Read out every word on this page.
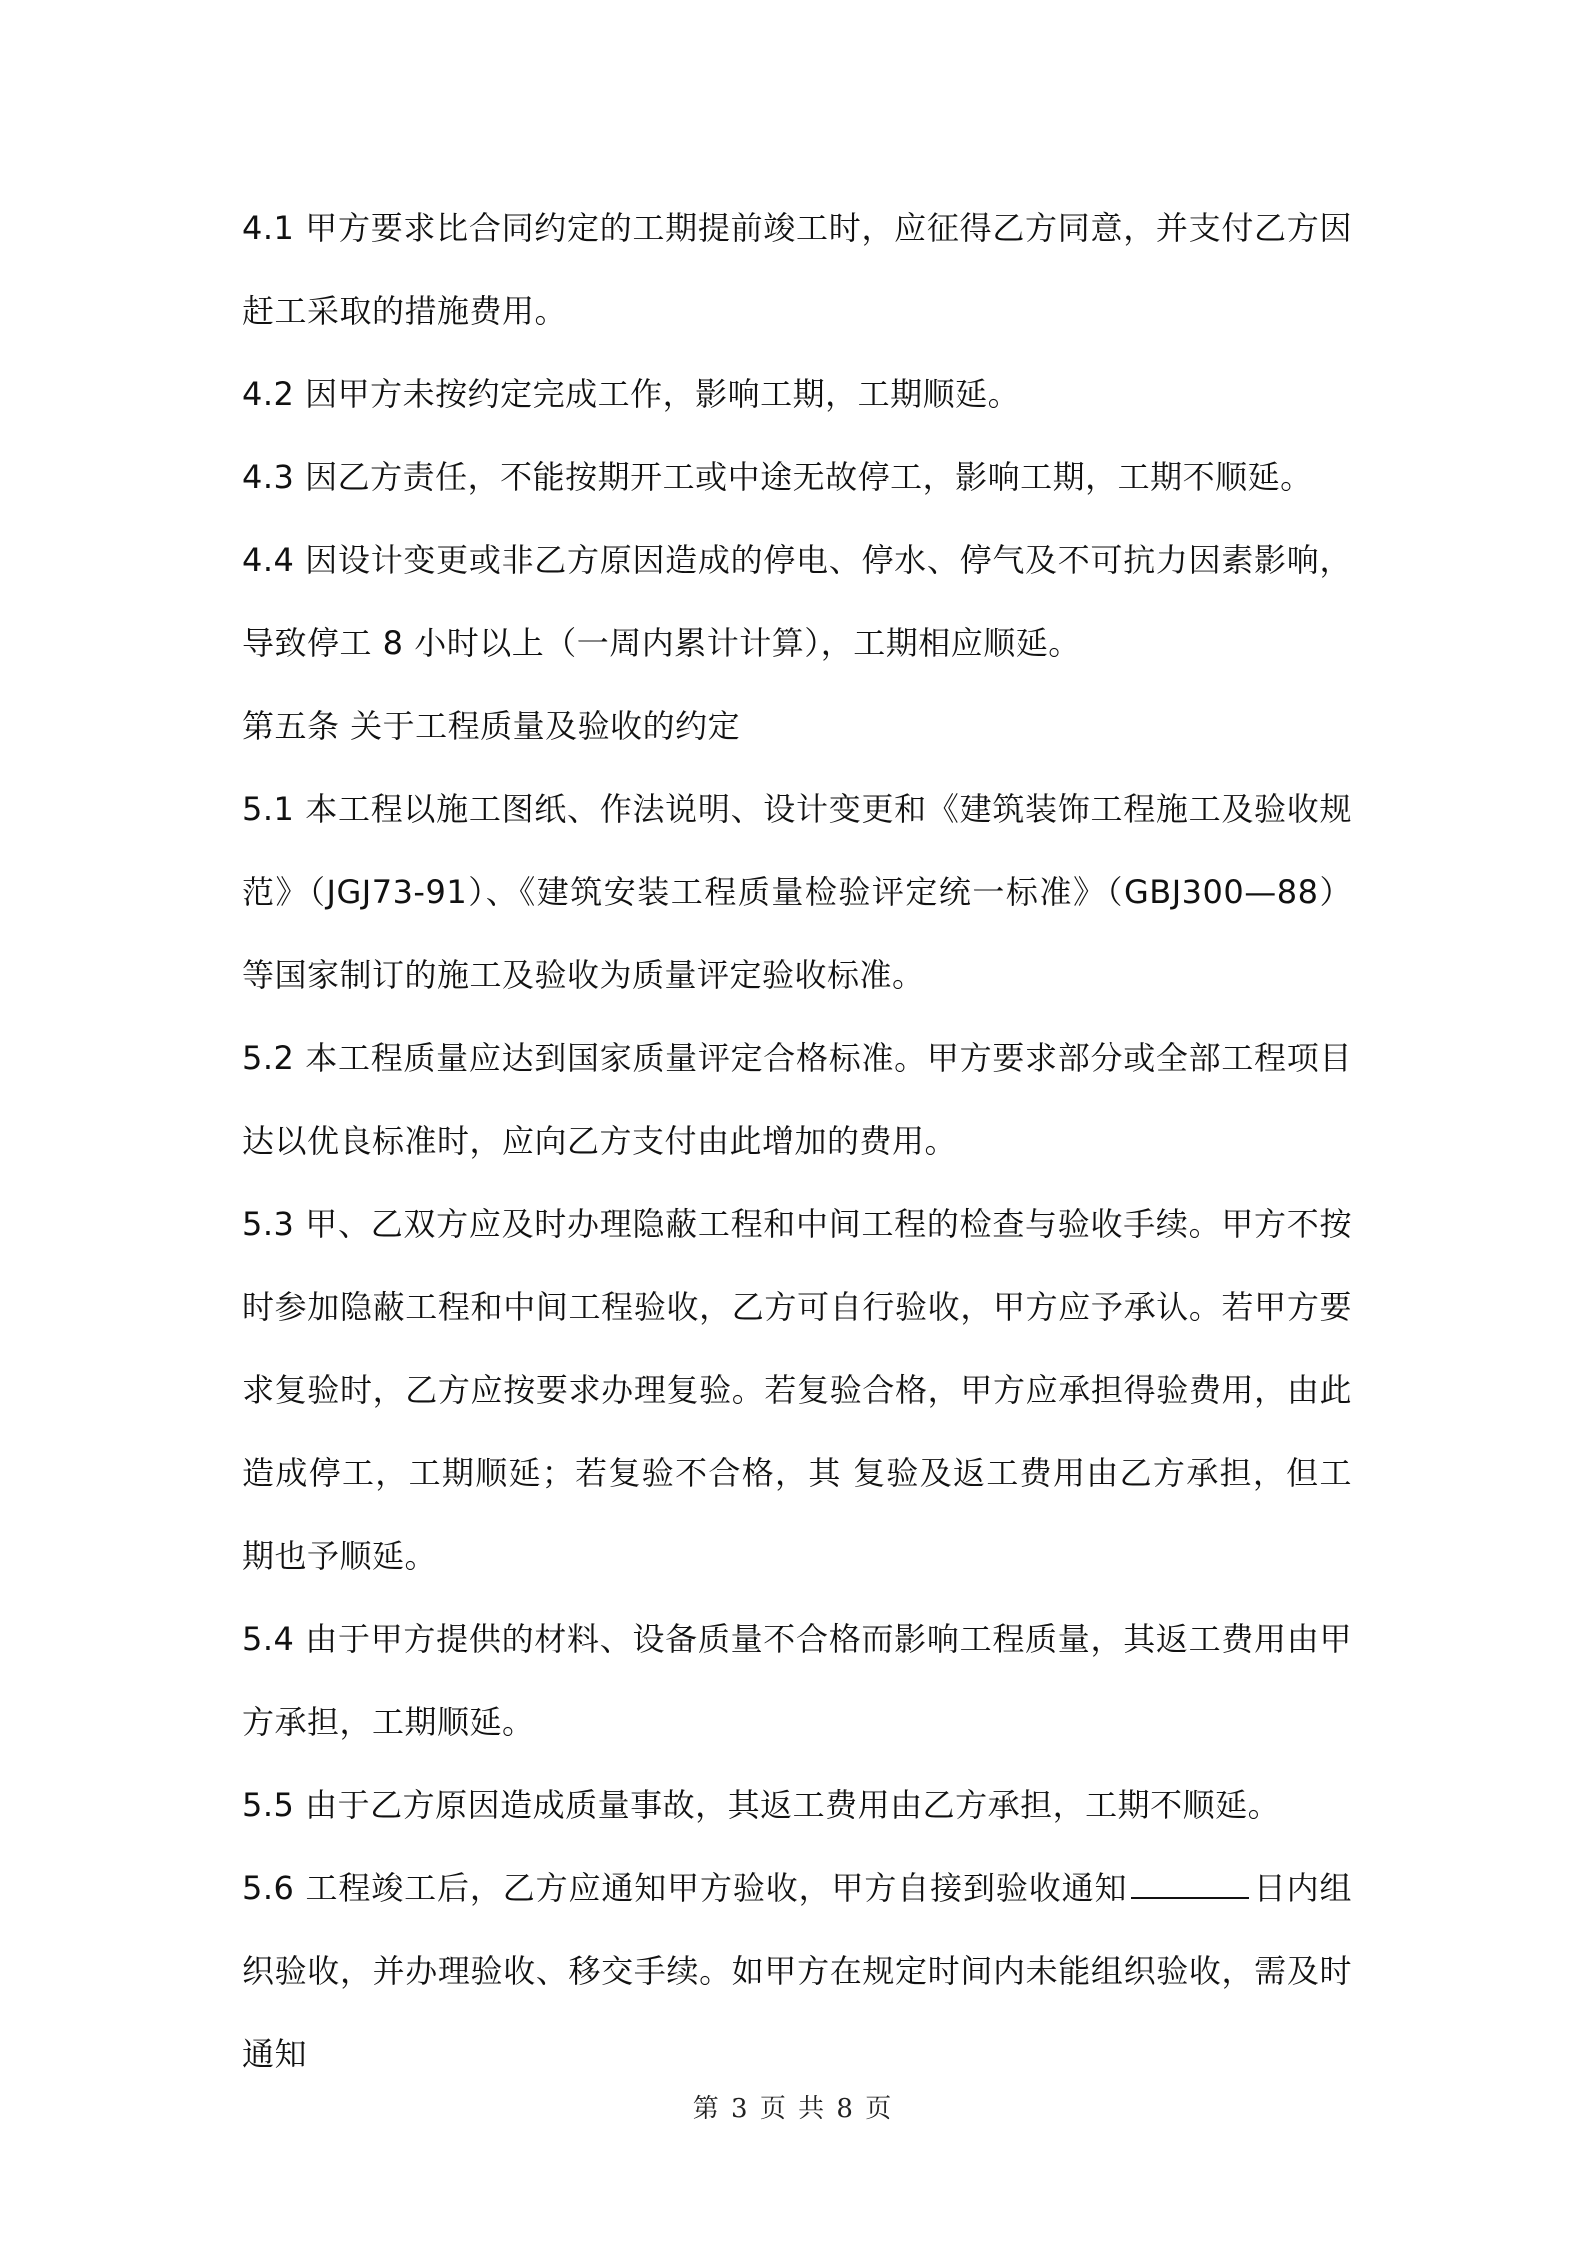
4.1 甲方要求比合同约定的工期提前竣工时，应征得乙方同意，并支付乙方因赶工采取的措施费用。

4.2 因甲方未按约定完成工作，影响工期，工期顺延。

4.3 因乙方责任，不能按期开工或中途无故停工，影响工期，工期不顺延。

4.4 因设计变更或非乙方原因造成的停电、停水、停气及不可抗力因素影响，导致停工 8 小时以上（一周内累计计算），工期相应顺延。

第五条 关于工程质量及验收的约定

5.1 本工程以施工图纸、作法说明、设计变更和《建筑装饰工程施工及验收规范》（JGJ73-91）、《建筑安装工程质量检验评定统一标准》（GBJ300—88）等国家制订的施工及验收为质量评定验收标准。

5.2 本工程质量应达到国家质量评定合格标准。甲方要求部分或全部工程项目达以优良标准时，应向乙方支付由此增加的费用。

5.3 甲、乙双方应及时办理隐蔽工程和中间工程的检查与验收手续。甲方不按时参加隐蔽工程和中间工程验收，乙方可自行验收，甲方应予承认。若甲方要求复验时，乙方应按要求办理复验。若复验合格，甲方应承担得验费用，由此造成停工，工期顺延；若复验不合格，其 复验及返工费用由乙方承担，但工期也予顺延。

5.4 由于甲方提供的材料、设备质量不合格而影响工程质量，其返工费用由甲方承担，工期顺延。

5.5 由于乙方原因造成质量事故，其返工费用由乙方承担，工期不顺延。

5.6 工程竣工后，乙方应通知甲方验收，甲方自接到验收通知	日内组织验收，并办理验收、移交手续。如甲方在规定时间内未能组织验收，需及时通知

第 3 页 共 8 页
